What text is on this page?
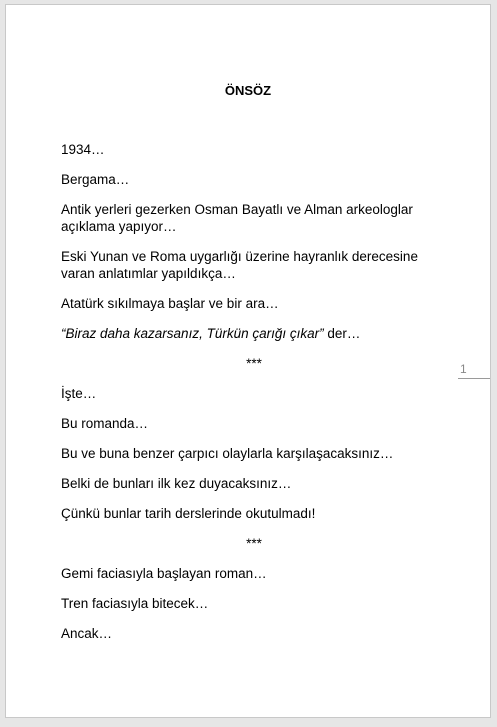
ÖNSÖZ

1934…

Bergama…

Antik yerleri gezerken Osman Bayatlı ve Alman arkeologlar açıklama yapıyor…

Eski Yunan ve Roma uygarlığı üzerine hayranlık derecesine varan anlatımlar yapıldıkça…

Atatürk sıkılmaya başlar ve bir ara…

“Biraz daha kazarsanız, Türkün çarığı çıkar” der…

***

İşte…

Bu romanda…

Bu ve buna benzer çarpıcı olaylarla karşılaşacaksınız…

Belki de bunları ilk kez duyacaksınız…

Çünkü bunlar tarih derslerinde okutulmadı!

***

Gemi faciasıyla başlayan roman…

Tren faciasıyla bitecek…

Ancak…

1
